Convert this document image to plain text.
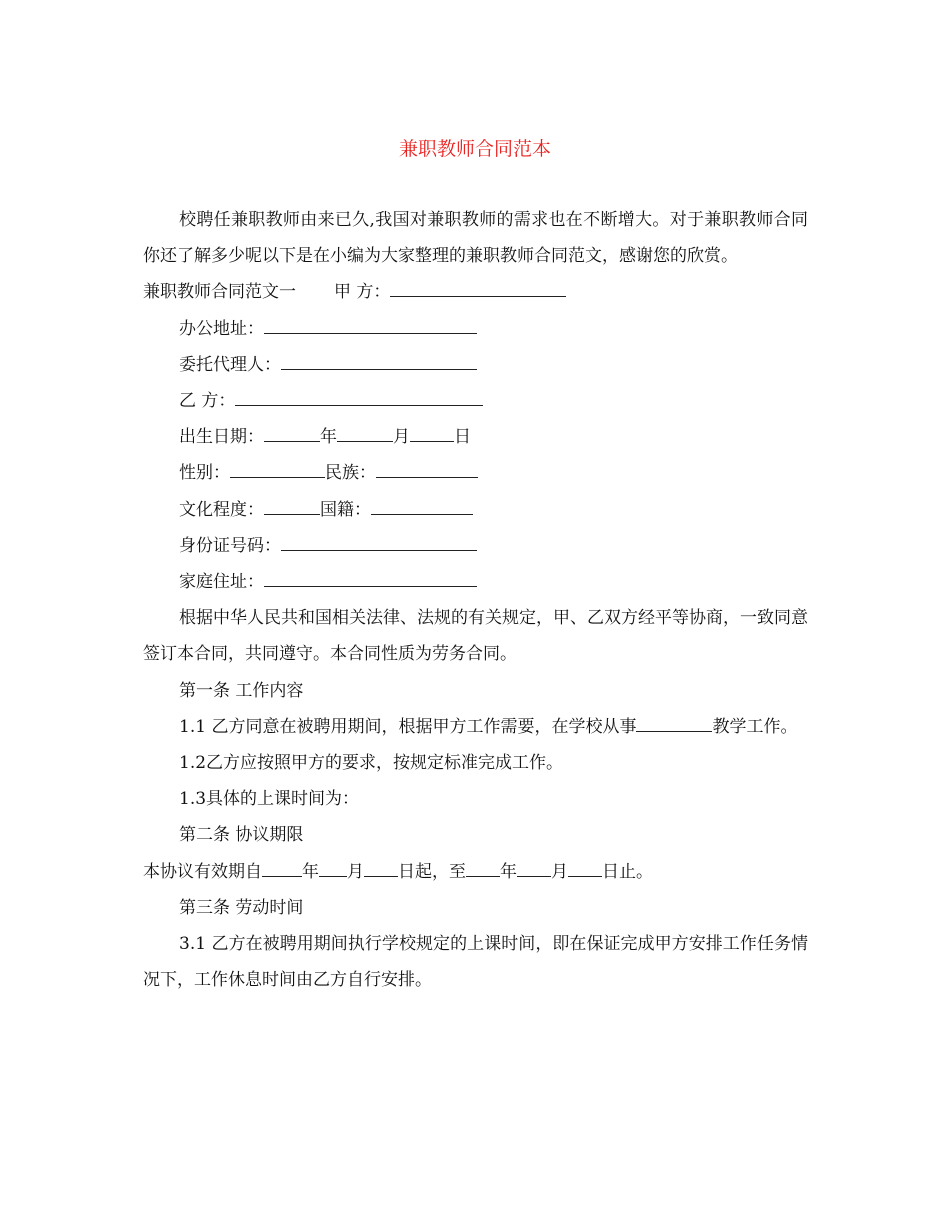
兼职教师合同范本

校聘任兼职教师由来已久,我国对兼职教师的需求也在不断增大。对于兼职教师合同你还了解多少呢以下是在小编为大家整理的兼职教师合同范文，感谢您的欣赏。

兼职教师合同范文一 甲 方：

办公地址：

委托代理人：

乙 方：

出生日期：	年	月	日

性别：	民族：

文化程度：	国籍：

身份证号码：

家庭住址：

根据中华人民共和国相关法律、法规的有关规定，甲、乙双方经平等协商，一致同意签订本合同，共同遵守。本合同性质为劳务合同。

第一条 工作内容

1.1 乙方同意在被聘用期间，根据甲方工作需要，在学校从事	教学工作。

1.2乙方应按照甲方的要求，按规定标准完成工作。

1.3具体的上课时间为：

第二条 协议期限

本协议有效期自 年 月 日起，至 年 月 日止。

第三条 劳动时间

3.1 乙方在被聘用期间执行学校规定的上课时间，即在保证完成甲方安排工作任务情况下，工作休息时间由乙方自行安排。
